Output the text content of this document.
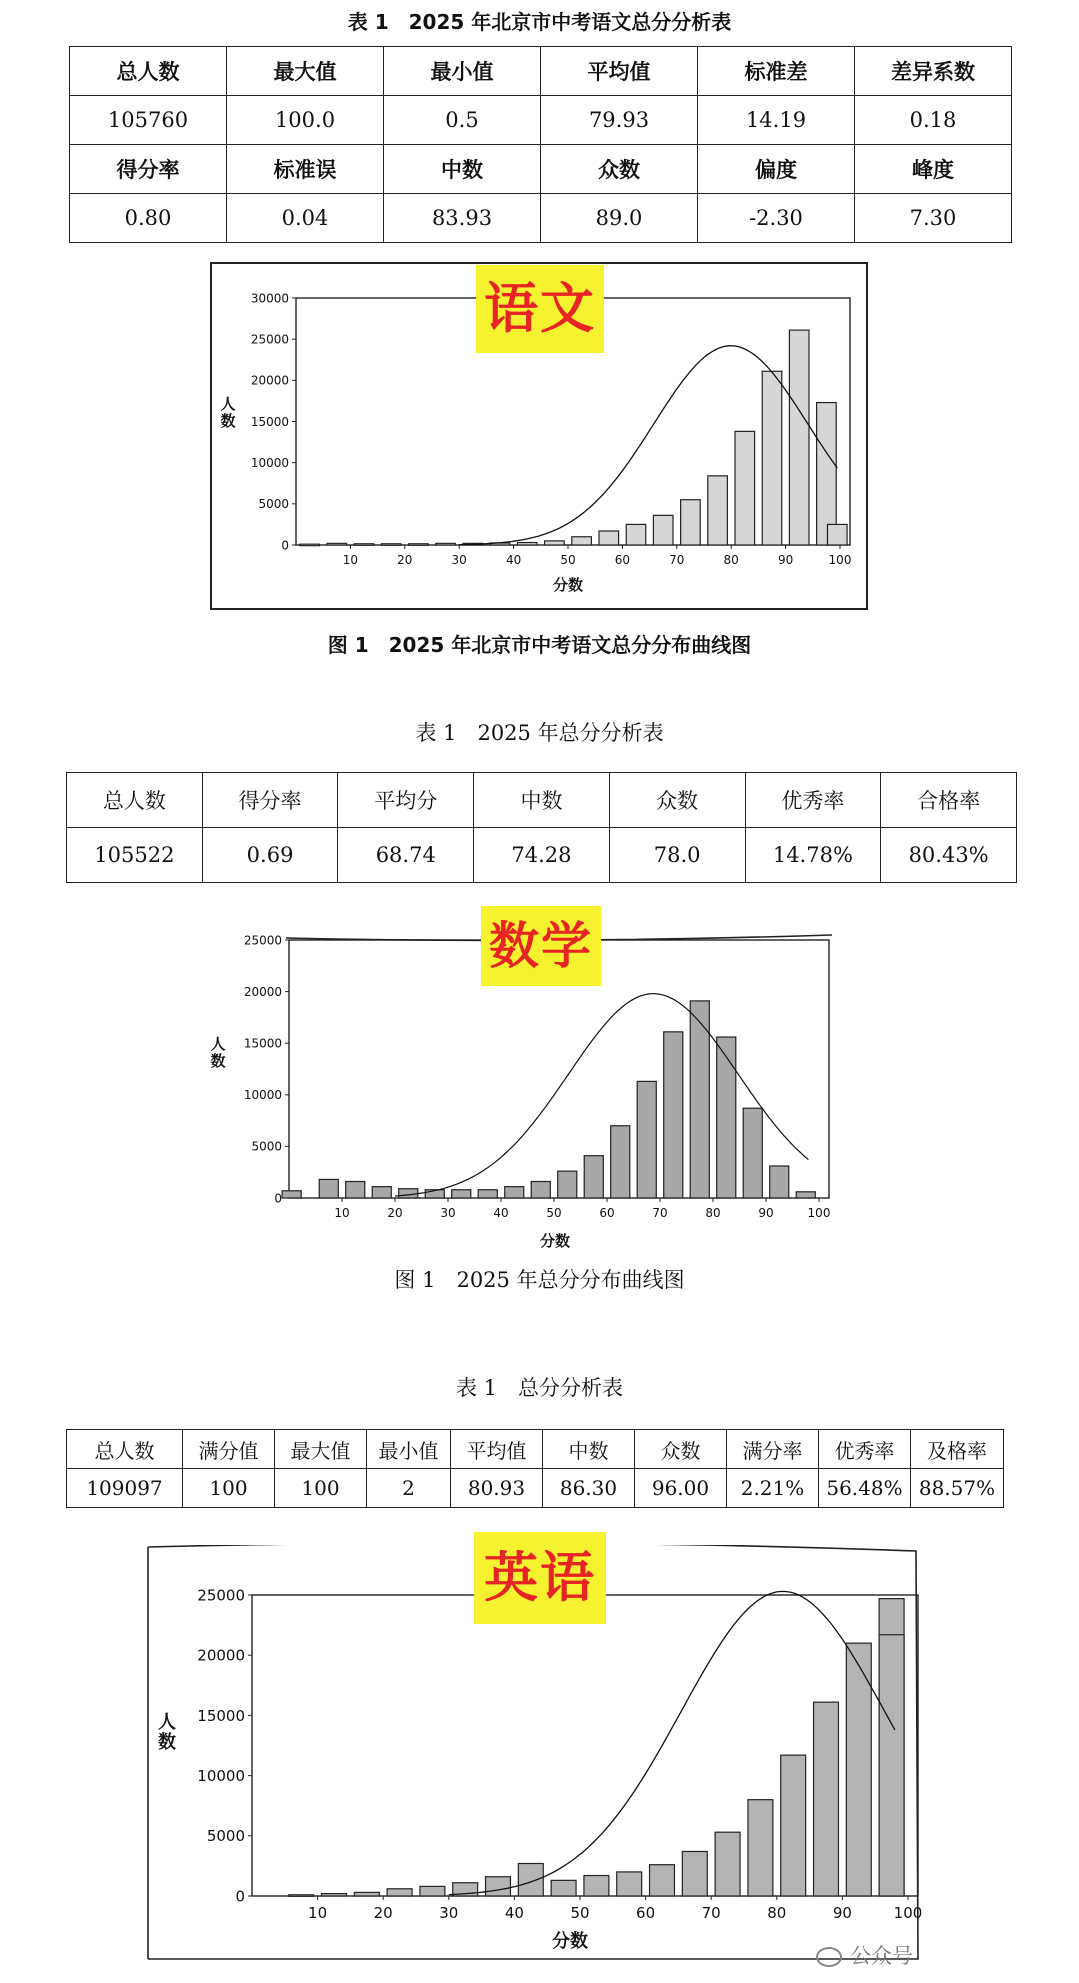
表 1　2025 年北京市中考语文总分分析表
总人数	最大值	最小值	平均值	标准差	差异系数
105760	100.0	0.5	79.93	14.19	0.18
得分率	标准误	中数	众数	偏度	峰度
0.80	0.04	83.93	89.0	-2.30	7.30
0
5000
10000
15000
20000
25000
30000
10	20	30	40	50	60	70	80	90	100
分数
人数
语文
图 1　2025 年北京市中考语文总分分布曲线图
表 1　2025 年总分分析表
总人数	得分率	平均分	中数	众数	优秀率	合格率
105522	0.69	68.74	74.28	78.0	14.78%	80.43%
0
5000
10000
15000
20000
25000
10	20	30	40	50	60	70	80	90	100
分数
人数
数学
图 1　2025 年总分分布曲线图
表 1　总分分析表
总人数	满分值	最大值	最小值	平均值	中数	众数	满分率	优秀率	及格率
109097	100	100	2	80.93	86.30	96.00	2.21%	56.48%	88.57%
0
5000
10000
15000
20000
25000
10	20	30	40	50	60	70	80	90	100
分数
人数
英语
公众号
